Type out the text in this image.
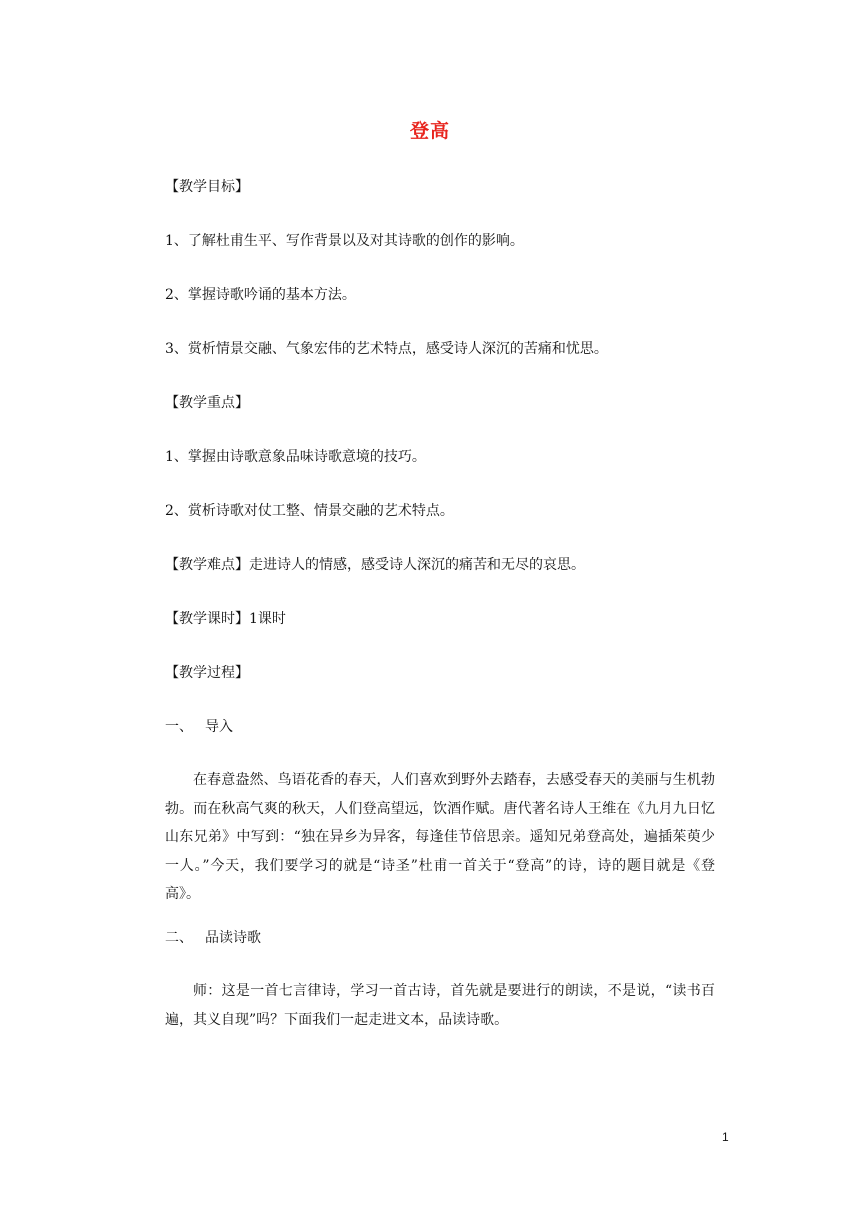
登高
【教学目标】
1、了解杜甫生平、写作背景以及对其诗歌的创作的影响。
2、掌握诗歌吟诵的基本方法。
3、赏析情景交融、气象宏伟的艺术特点，感受诗人深沉的苦痛和忧思。
【教学重点】
1、掌握由诗歌意象品味诗歌意境的技巧。
2、赏析诗歌对仗工整、情景交融的艺术特点。
【教学难点】走进诗人的情感，感受诗人深沉的痛苦和无尽的哀思。
【教学课时】1课时
【教学过程】
一、 导入
在春意盎然、鸟语花香的春天，人们喜欢到野外去踏春，去感受春天的美丽与生机勃勃。而在秋高气爽的秋天，人们登高望远，饮酒作赋。唐代著名诗人王维在《九月九日忆山东兄弟》中写到：“独在异乡为异客，每逢佳节倍思亲。遥知兄弟登高处，遍插茱萸少一人。”今天，我们要学习的就是“诗圣”杜甫一首关于“登高”的诗，诗的题目就是《登高》。
二、 品读诗歌
师：这是一首七言律诗，学习一首古诗，首先就是要进行的朗读，不是说，“读书百遍，其义自现”吗？下面我们一起走进文本，品读诗歌。
1
